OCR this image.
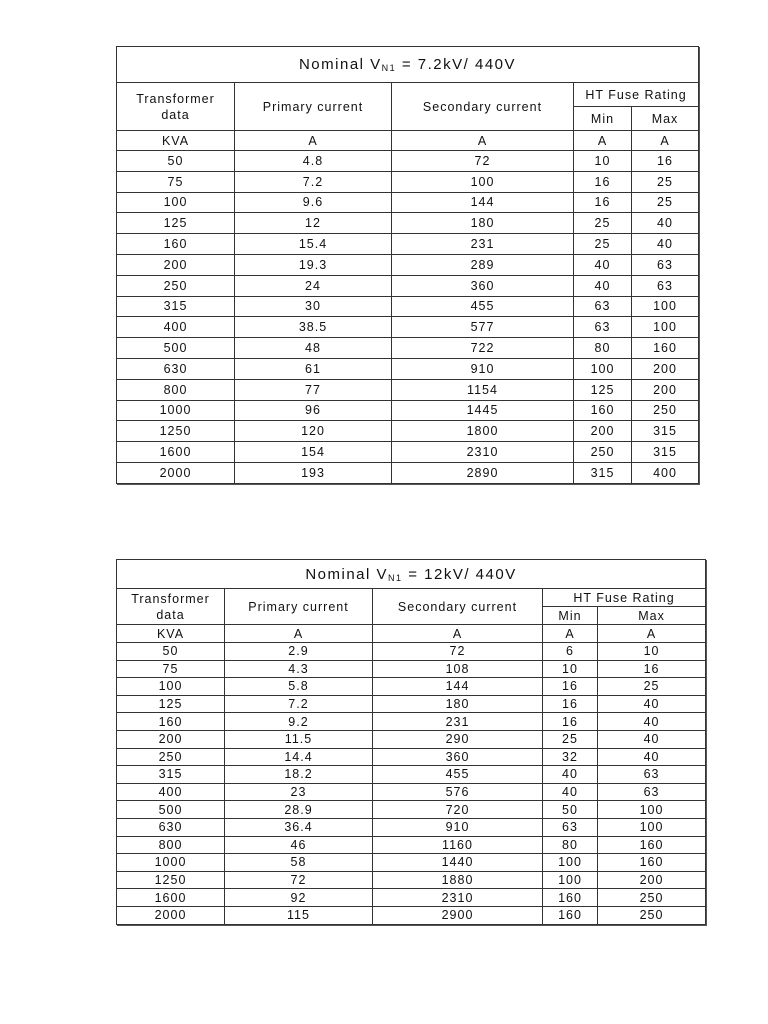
Nominal $V_{N1} = 7.2kV/$ 440V				
Transformer
data	Primary current	Secondary current	HT Fuse Rating	
			Min	Max
KVA	A	A	A	A
50	4.8	72	10	16
75	7.2	100	16	25
100	9.6	144	16	25
125	12	180	25	40
160	15.4	231	25	40
200	19.3	289	40	63
250	24	360	40	63
315	30	455	63	100
400	38.5	577	63	100
500	48	722	80	160
630	61	910	100	200
800	77	1154	125	200
1000	96	1445	160	250
1250	120	1800	200	315
1600	154	2310	250	315
2000	193	2890	315	400
Nominal $V_{N1} = 12kV/$ 440V				
Transformer
data	Primary current	Secondary current	HT Fuse Rating	
			Min	Max
KVA	A	A	A	A
50	2.9	72	6	10
75	4.3	108	10	16
100	5.8	144	16	25
125	7.2	180	16	40
160	9.2	231	16	40
200	11.5	290	25	40
250	14.4	360	32	40
315	18.2	455	40	63
400	23	576	40	63
500	28.9	720	50	100
630	36.4	910	63	100
800	46	1160	80	160
1000	58	1440	100	160
1250	72	1880	100	200
1600	92	2310	160	250
2000	115	2900	160	250
